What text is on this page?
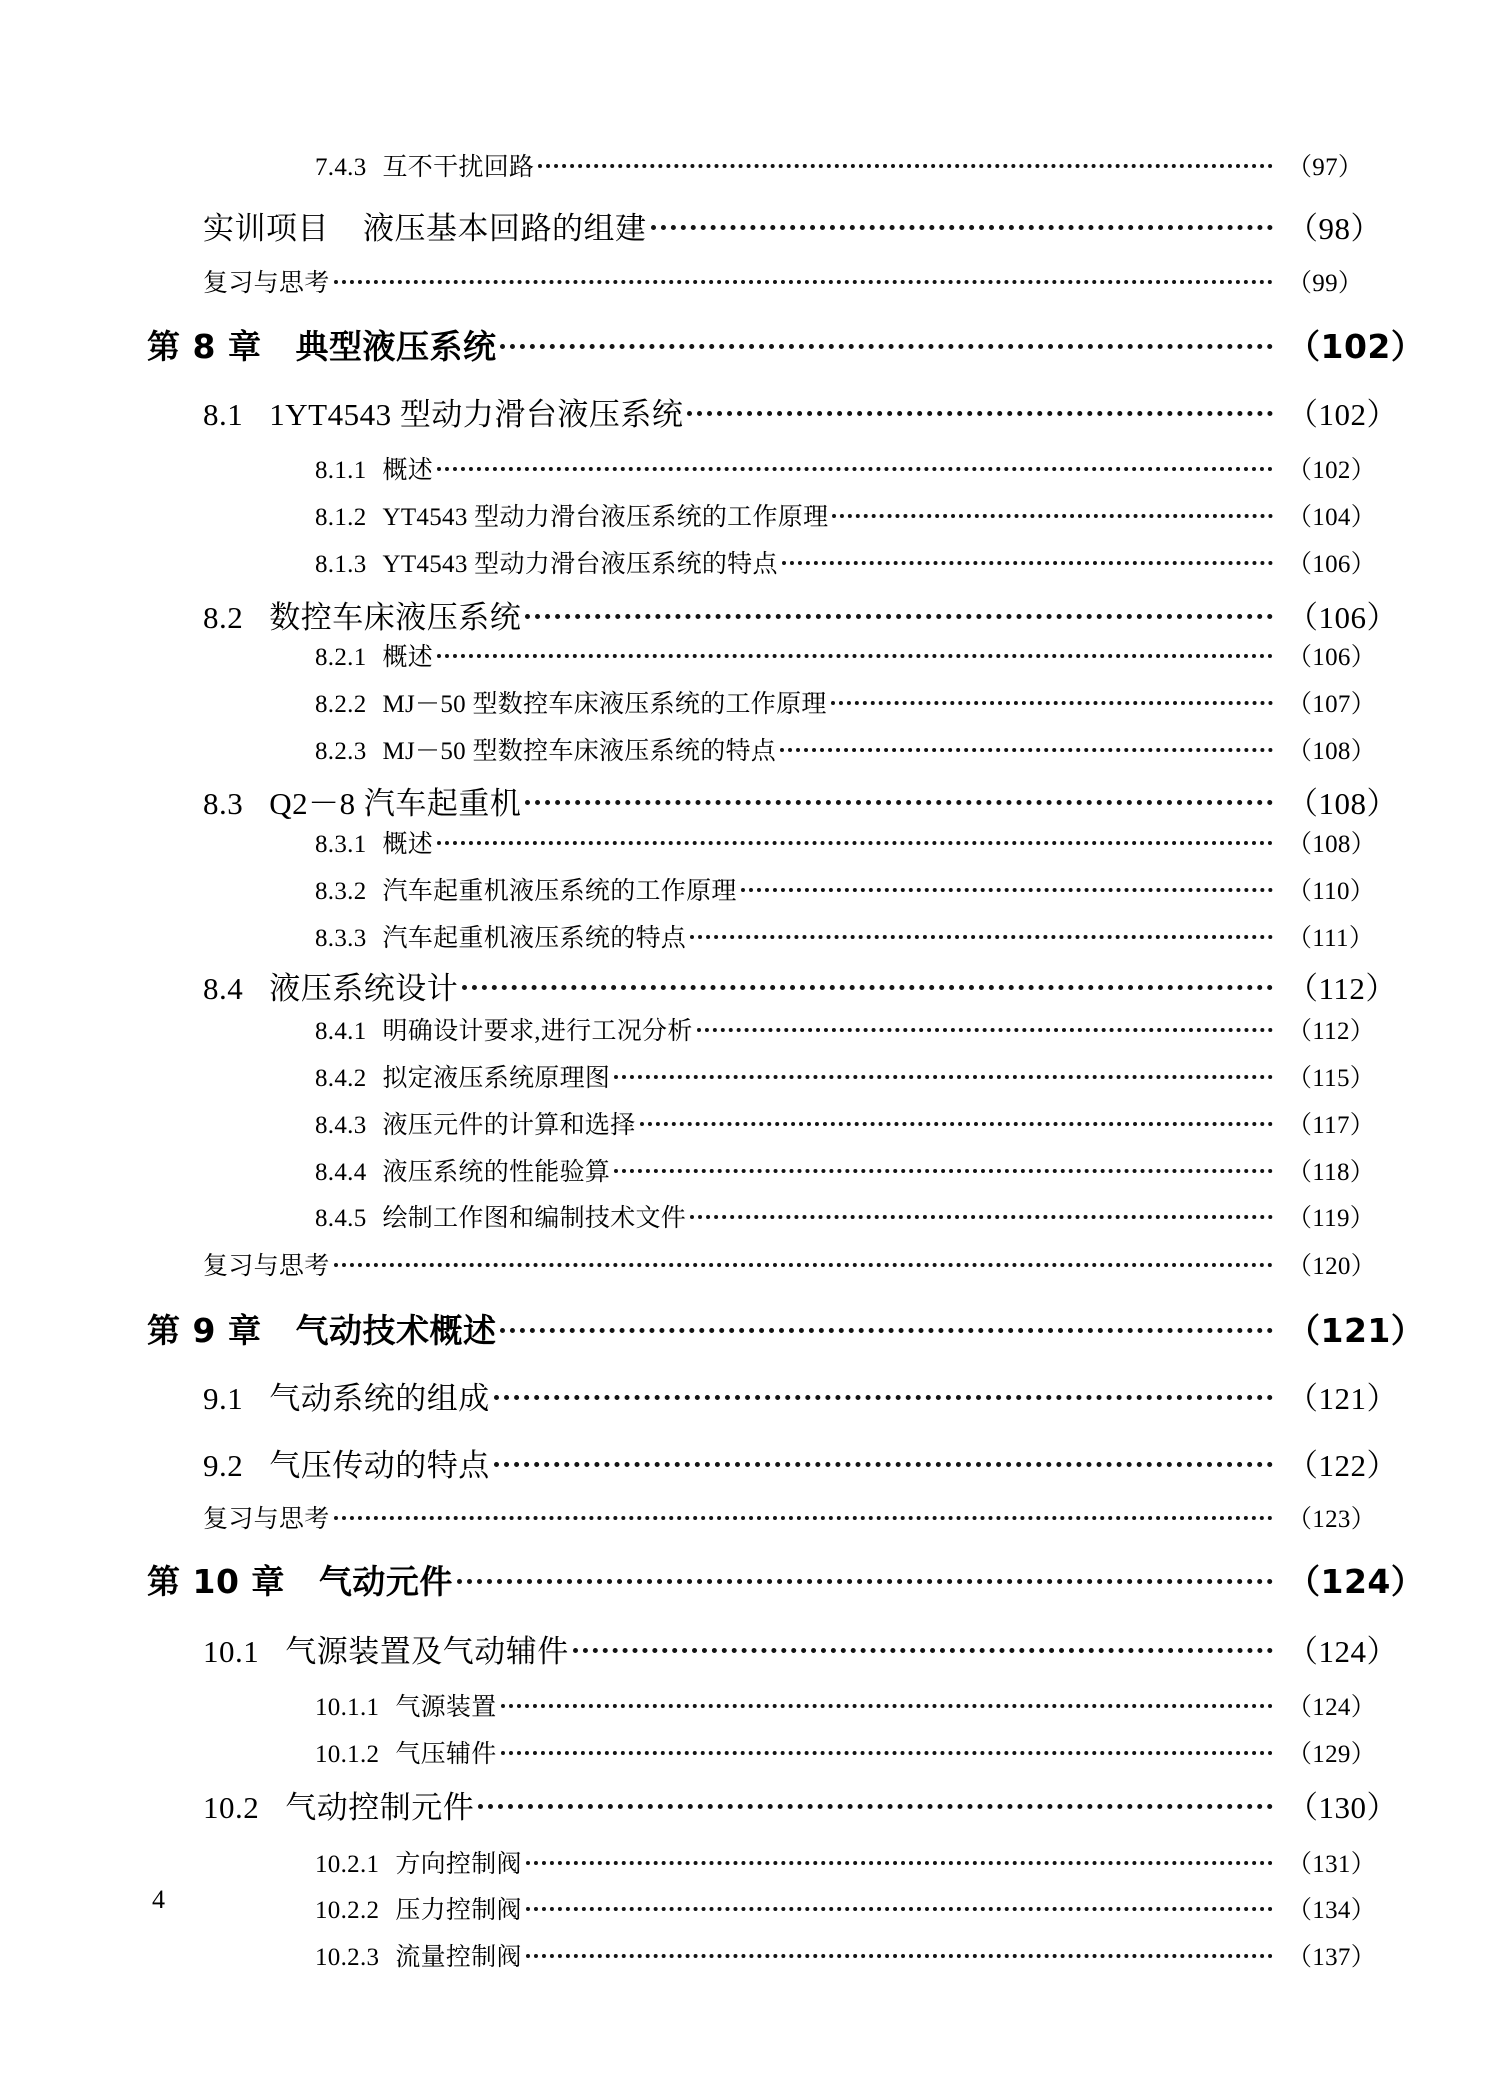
7.4.3 互不干扰回路	（97）
实训项目 液压基本回路的组建	（98）
复习与思考	（99）
第 8 章 典型液压系统	（102）
8.1 1YT4543 型动力滑台液压系统	（102）
8.1.1 概述	（102）
8.1.2 YT4543 型动力滑台液压系统的工作原理	（104）
8.1.3 YT4543 型动力滑台液压系统的特点	（106）
8.2 数控车床液压系统	（106）
8.2.1 概述	（106）
8.2.2 MJ－50 型数控车床液压系统的工作原理	（107）
8.2.3 MJ－50 型数控车床液压系统的特点	（108）
8.3 Q2－8 汽车起重机	（108）
8.3.1 概述	（108）
8.3.2 汽车起重机液压系统的工作原理	（110）
8.3.3 汽车起重机液压系统的特点	（111）
8.4 液压系统设计	（112）
8.4.1 明确设计要求,进行工况分析	（112）
8.4.2 拟定液压系统原理图	（115）
8.4.3 液压元件的计算和选择	（117）
8.4.4 液压系统的性能验算	（118）
8.4.5 绘制工作图和编制技术文件	（119）
复习与思考	（120）
第 9 章 气动技术概述	（121）
9.1 气动系统的组成	（121）
9.2 气压传动的特点	（122）
复习与思考	（123）
第 10 章 气动元件	（124）
10.1 气源装置及气动辅件	（124）
10.1.1 气源装置	（124）
10.1.2 气压辅件	（129）
10.2 气动控制元件	（130）
10.2.1 方向控制阀	（131）
10.2.2 压力控制阀	（134）
10.2.3 流量控制阀	（137）
4
